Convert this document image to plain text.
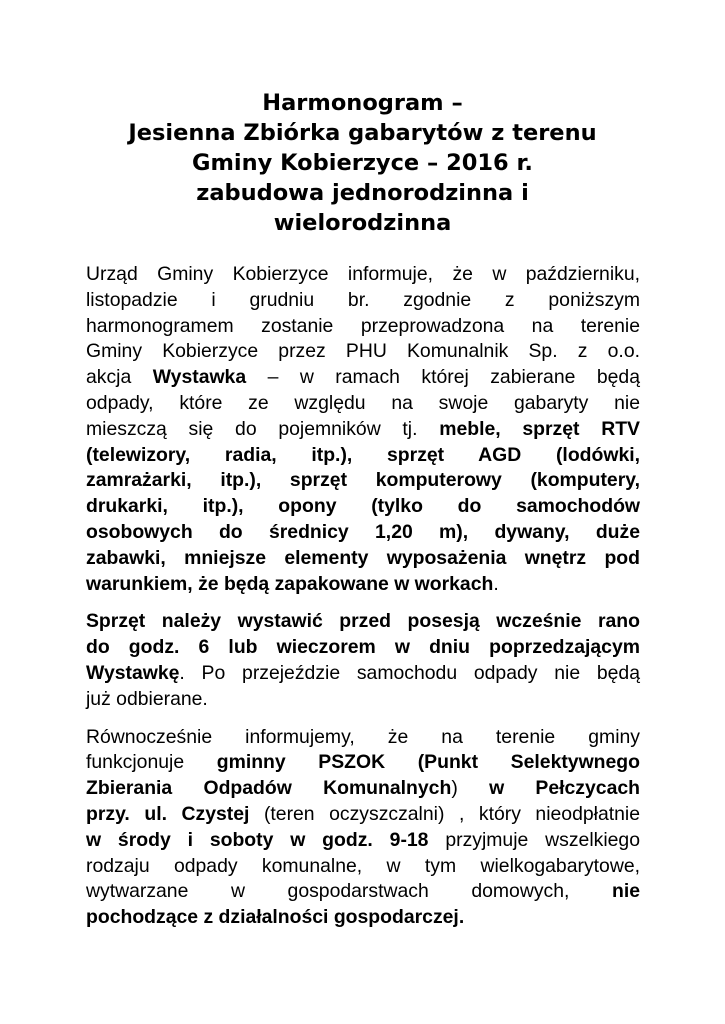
Harmonogram –
Jesienna Zbiórka gabarytów z terenu
Gminy Kobierzyce – 2016 r.
zabudowa jednorodzinna i
wielorodzinna

Urząd Gminy Kobierzyce informuje, że w październiku,
listopadzie i grudniu br. zgodnie z poniższym
harmonogramem zostanie przeprowadzona na terenie
Gminy Kobierzyce przez PHU Komunalnik Sp. z o.o.
akcja Wystawka – w ramach której zabierane będą
odpady, które ze względu na swoje gabaryty nie
mieszczą się do pojemników tj. meble, sprzęt RTV
(telewizory, radia, itp.), sprzęt AGD (lodówki,
zamrażarki, itp.), sprzęt komputerowy (komputery,
drukarki, itp.), opony (tylko do samochodów
osobowych do średnicy 1,20 m), dywany, duże
zabawki, mniejsze elementy wyposażenia wnętrz pod
warunkiem, że będą zapakowane w workach.

Sprzęt należy wystawić przed posesją wcześnie rano
do godz. 6 lub wieczorem w dniu poprzedzającym
Wystawkę. Po przejeździe samochodu odpady nie będą
już odbierane.

Równocześnie informujemy, że na terenie gminy
funkcjonuje gminny PSZOK (Punkt Selektywnego
Zbierania Odpadów Komunalnych) w Pełczycach
przy. ul. Czystej (teren oczyszczalni) , który nieodpłatnie
w środy i soboty w godz. 9-18 przyjmuje wszelkiego
rodzaju odpady komunalne, w tym wielkogabarytowe,
wytwarzane w gospodarstwach domowych, nie
pochodzące z działalności gospodarczej.
